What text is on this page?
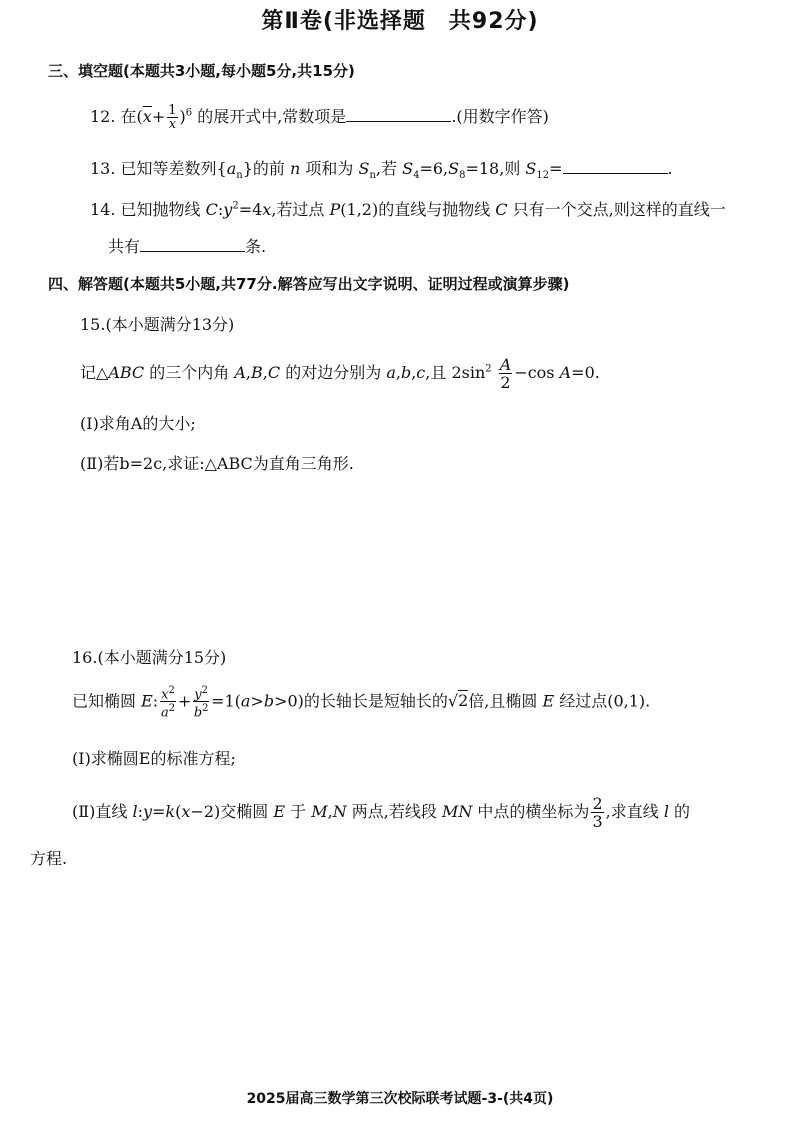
第Ⅱ卷(非选择题　共92分)
三、填空题(本题共3小题,每小题5分,共15分)
12. 在$(x+ \frac{1}{x} )^6$ 的展开式中,常数项是	.(用数字作答)
13. 已知等差数列$\{a_n\}$的前 n 项和为 $S_n$,若 $S_4=6,S_8=18$,则 $S_{12}=$	.
14. 已知抛物线 $C:y^2=4x$,若过点 P(1,2)的直线与抛物线 C 只有一个交点,则这样的直线一
共有	条.
四、解答题(本题共5小题,共77分.解答应写出文字说明、证明过程或演算步骤)
15.(本小题满分13分)
记△ABC 的三个内角 A,B,C 的对边分别为 a,b,c,且 $2\sin^2 \frac{A}{2} -\cos$ A=0.
(Ⅰ)求角A的大小;
(Ⅱ)若b=2c,求证:△ABC为直角三角形.
16.(本小题满分15分)
已知椭圆 E: $\frac{x^2}{a^2} + \frac{y^2}{b^2} =1(a>b>0)$的长轴长是短轴长的√2倍,且椭圆 E 经过点(0,1).
(Ⅰ)求椭圆E的标准方程;
(Ⅱ)直线 l:y=k(x−2)交椭圆 E 于 M,N 两点,若线段 MN 中点的横坐标为 $\frac{2}{3}$ ,求直线 l 的
方程.
2025届高三数学第三次校际联考试题-3-(共4页)
